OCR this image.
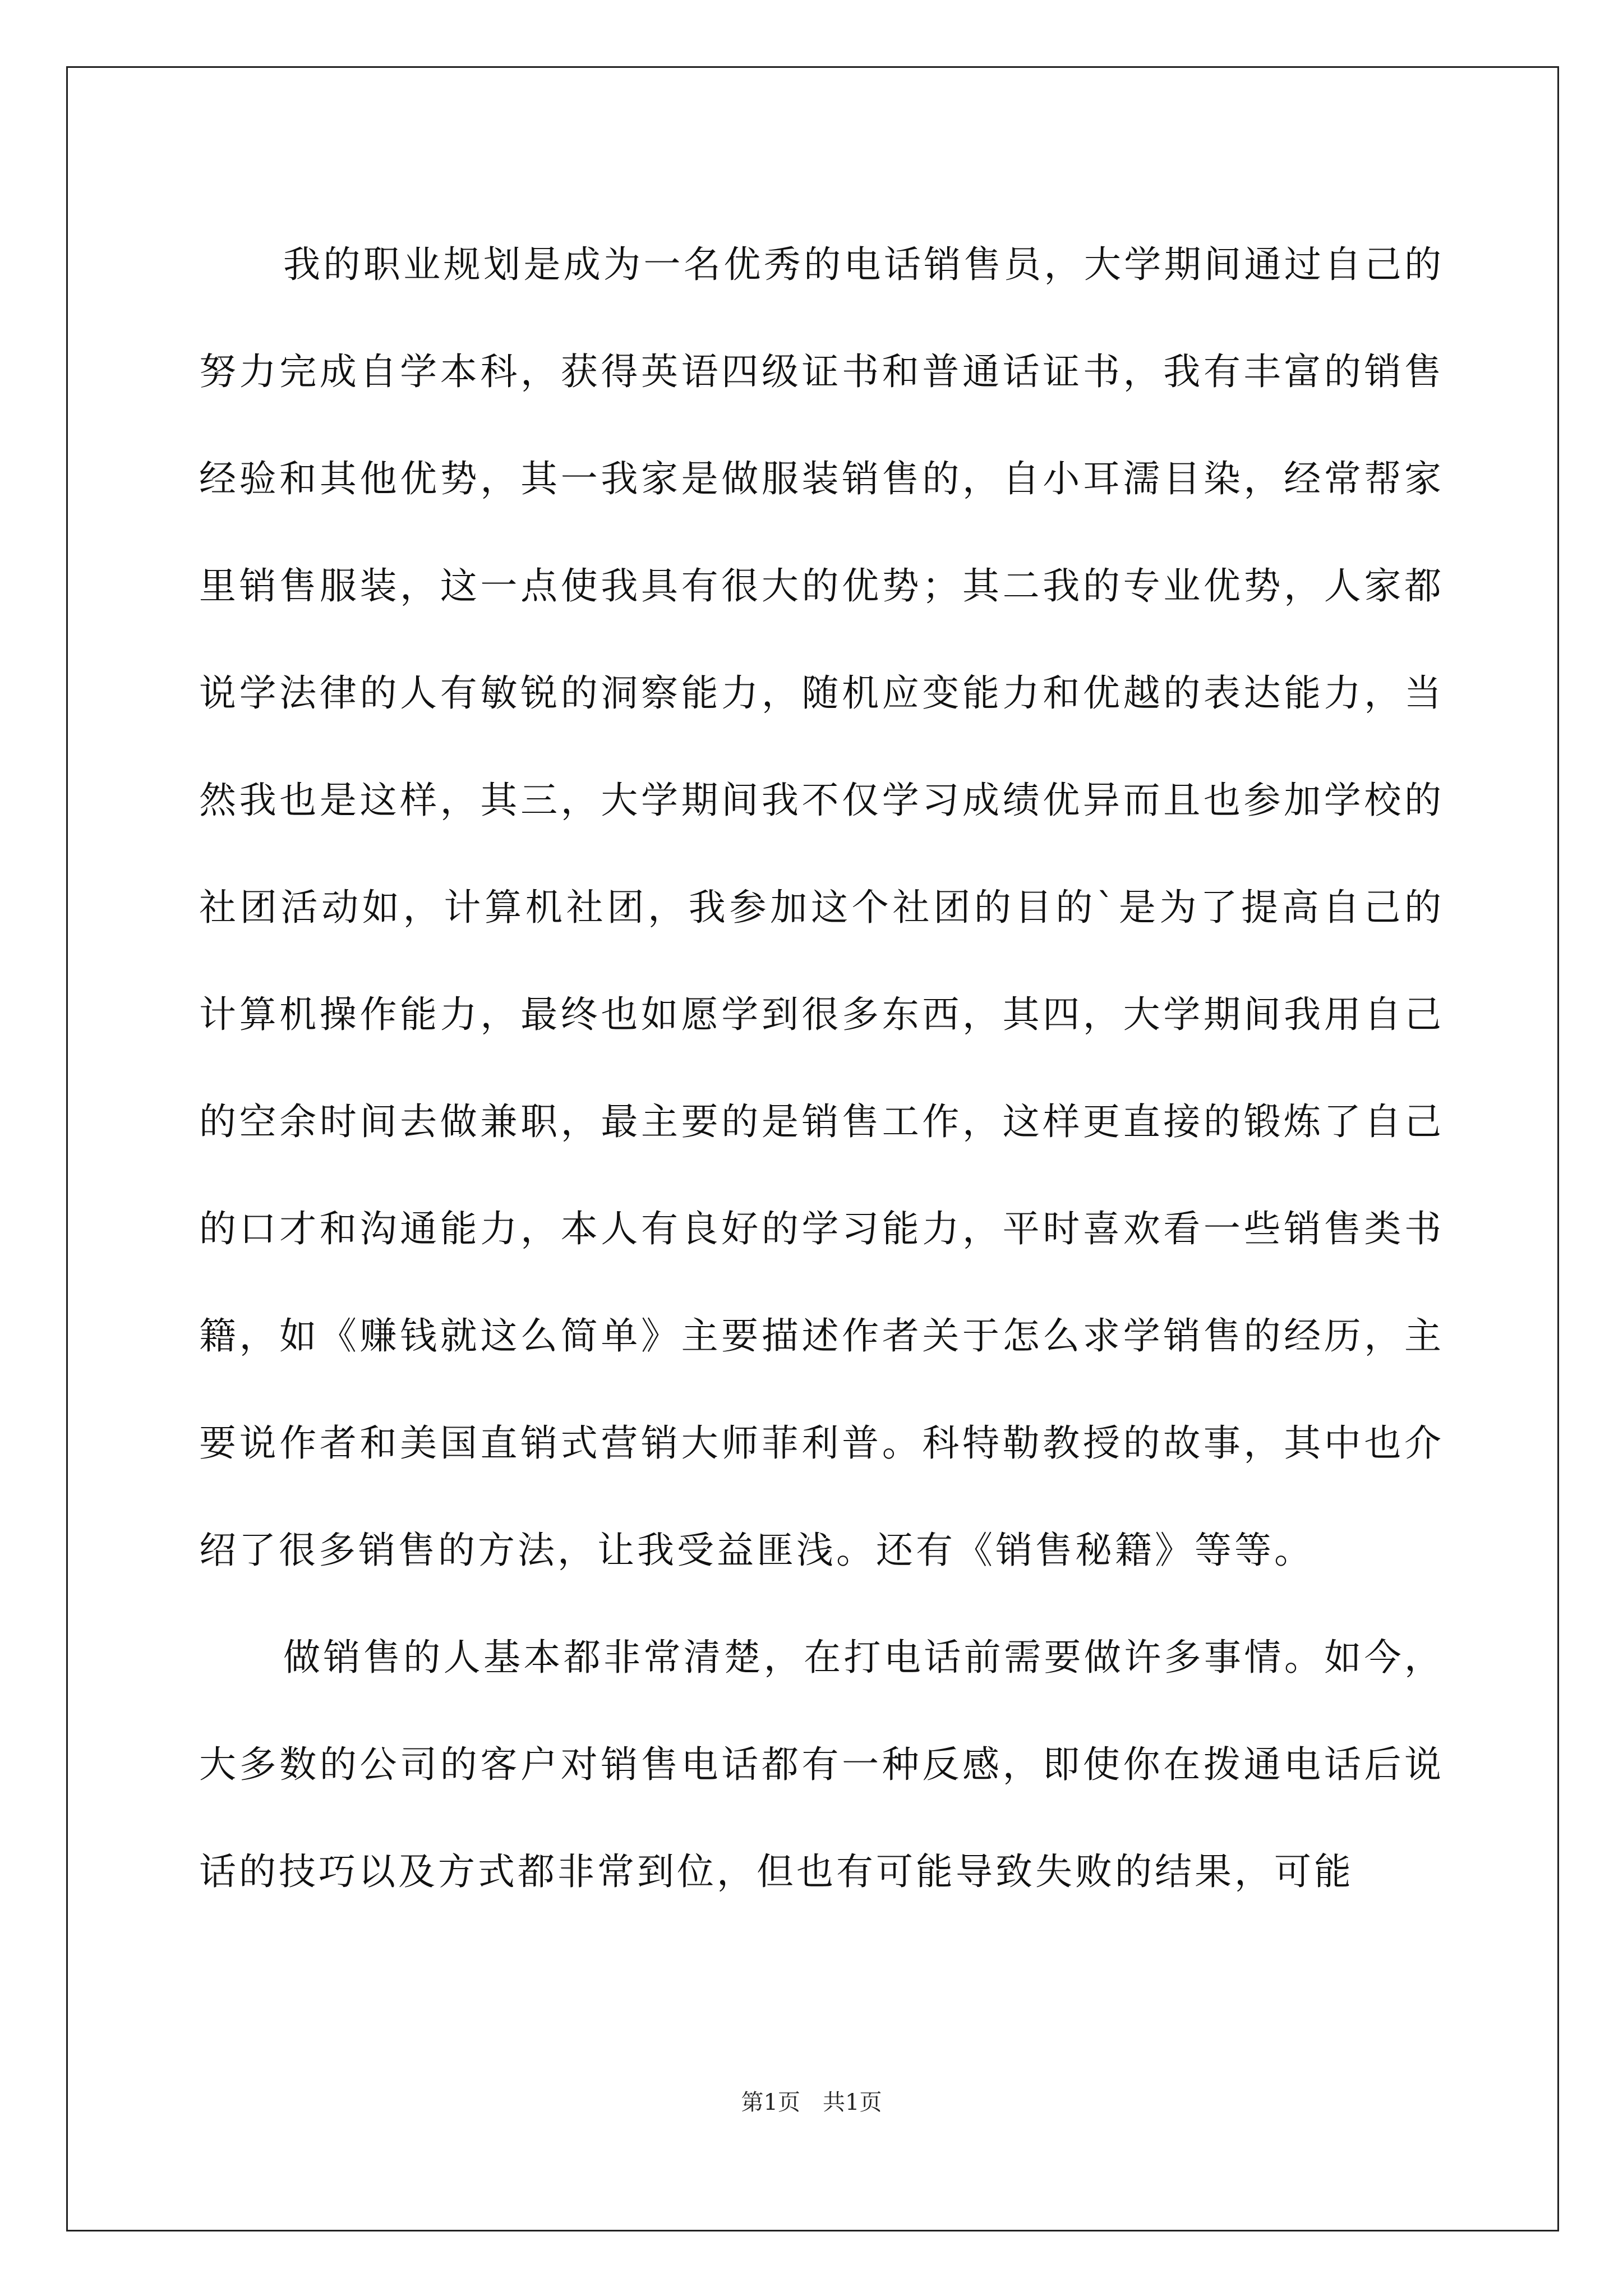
我的职业规划是成为一名优秀的电话销售员，大学期间通过自己的努力完成自学本科，获得英语四级证书和普通话证书，我有丰富的销售经验和其他优势，其一我家是做服装销售的，自小耳濡目染，经常帮家里销售服装，这一点使我具有很大的优势；其二我的专业优势，人家都说学法律的人有敏锐的洞察能力，随机应变能力和优越的表达能力，当然我也是这样，其三，大学期间我不仅学习成绩优异而且也参加学校的社团活动如，计算机社团，我参加这个社团的目的`是为了提高自己的计算机操作能力，最终也如愿学到很多东西，其四，大学期间我用自己的空余时间去做兼职，最主要的是销售工作，这样更直接的锻炼了自己的口才和沟通能力，本人有良好的学习能力，平时喜欢看一些销售类书籍，如《赚钱就这么简单》主要描述作者关于怎么求学销售的经历，主要说作者和美国直销式营销大师菲利普。科特勒教授的故事，其中也介绍了很多销售的方法，让我受益匪浅。还有《销售秘籍》等等。

做销售的人基本都非常清楚，在打电话前需要做许多事情。如今，大多数的公司的客户对销售电话都有一种反感，即使你在拨通电话后说话的技巧以及方式都非常到位，但也有可能导致失败的结果，可能

第1页　共1页
